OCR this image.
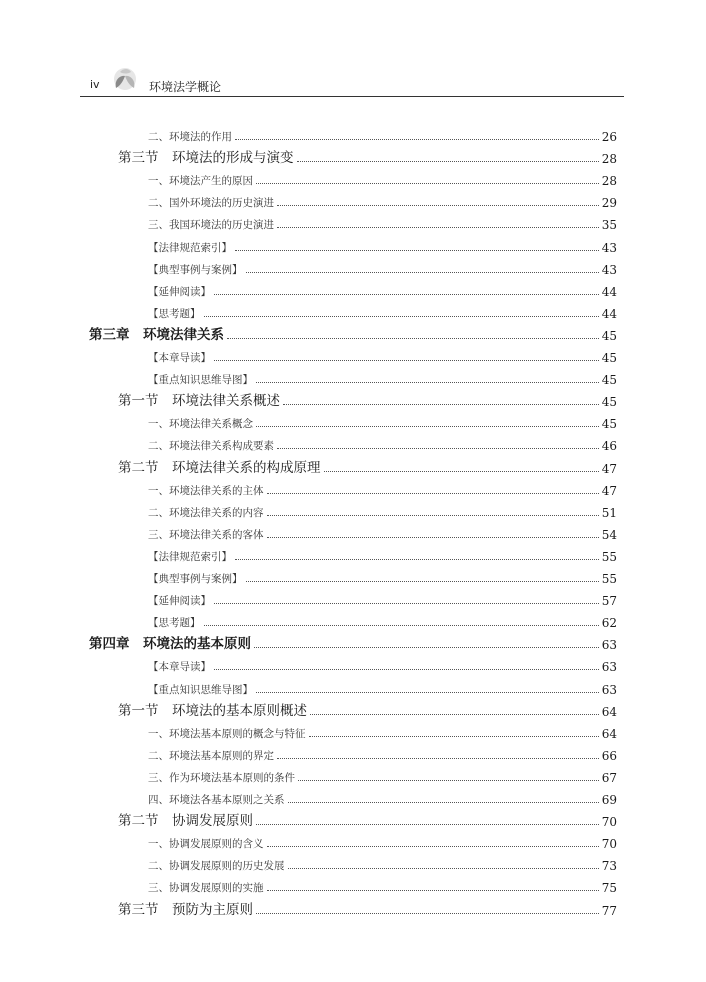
iv	环境法学概论
二、环境法的作用	26
第三节　环境法的形成与演变	28
一、环境法产生的原因	28
二、国外环境法的历史演进	29
三、我国环境法的历史演进	35
【法律规范索引】	43
【典型事例与案例】	43
【延伸阅读】	44
【思考题】	44
第三章　环境法律关系	45
【本章导读】	45
【重点知识思维导图】	45
第一节　环境法律关系概述	45
一、环境法律关系概念	45
二、环境法律关系构成要素	46
第二节　环境法律关系的构成原理	47
一、环境法律关系的主体	47
二、环境法律关系的内容	51
三、环境法律关系的客体	54
【法律规范索引】	55
【典型事例与案例】	55
【延伸阅读】	57
【思考题】	62
第四章　环境法的基本原则	63
【本章导读】	63
【重点知识思维导图】	63
第一节　环境法的基本原则概述	64
一、环境法基本原则的概念与特征	64
二、环境法基本原则的界定	66
三、作为环境法基本原则的条件	67
四、环境法各基本原则之关系	69
第二节　协调发展原则	70
一、协调发展原则的含义	70
二、协调发展原则的历史发展	73
三、协调发展原则的实施	75
第三节　预防为主原则	77
